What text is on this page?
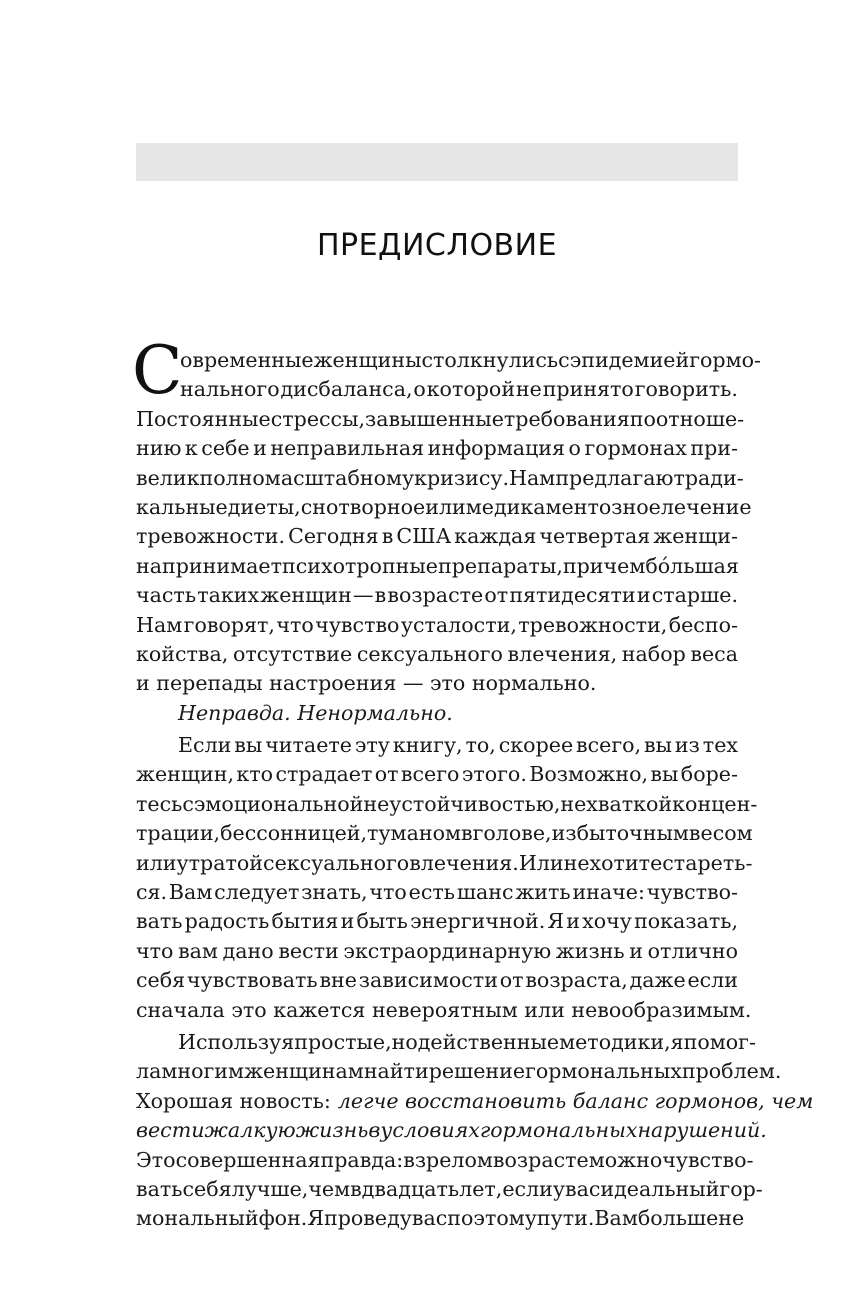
ПРЕДИСЛОВИЕ
С
овременные женщины столкнулись с эпидемией гормо-
нального дисбаланса, о которой не принято говорить.
Постоянные стрессы, завышенные требования по отноше-
нию к себе и неправильная информация о гормонах при-
вели к полномасштабному кризису. Нам предлагают ради-
кальные диеты, снотворное или медикаментозное лечение
тревожности. Сегодня в США каждая четвертая женщи-
на принимает психотропные препараты, причем бóльшая
часть таких женщин — в возрасте от пятидесяти и старше.
Нам говорят, что чувство усталости, тревожности, беспо-
койства, отсутствие сексуального влечения, набор веса
и перепады настроения — это нормально.
Неправда. Ненормально.
Если вы читаете эту книгу, то, скорее всего, вы из тех
женщин, кто страдает от всего этого. Возможно, вы боре-
тесь с эмоциональной неустойчивостью, нехваткой концен-
трации, бессонницей, туманом в голове, избыточным весом
или утратой сексуального влечения. Или не хотите стареть-
ся. Вам следует знать, что есть шанс жить иначе: чувство-
вать радость бытия и быть энергичной. Я и хочу показать,
что вам дано вести экстраординарную жизнь и отлично
себя чувствовать вне зависимости от возраста, даже если
сначала это кажется невероятным или невообразимым.
Используя простые, но действенные методики, я помог-
ла многим женщинам найти решение гормональных проблем.
Хорошая новость: легче восстановить баланс гормонов, чем
вести жалкую жизнь в условиях гормональных нарушений.
Это совершенная правда: в зрелом возрасте можно чувство-
вать себя лучше, чем в двадцать лет, если у вас идеальный гор-
мональный фон. Я проведу вас по этому пути. Вам больше не
